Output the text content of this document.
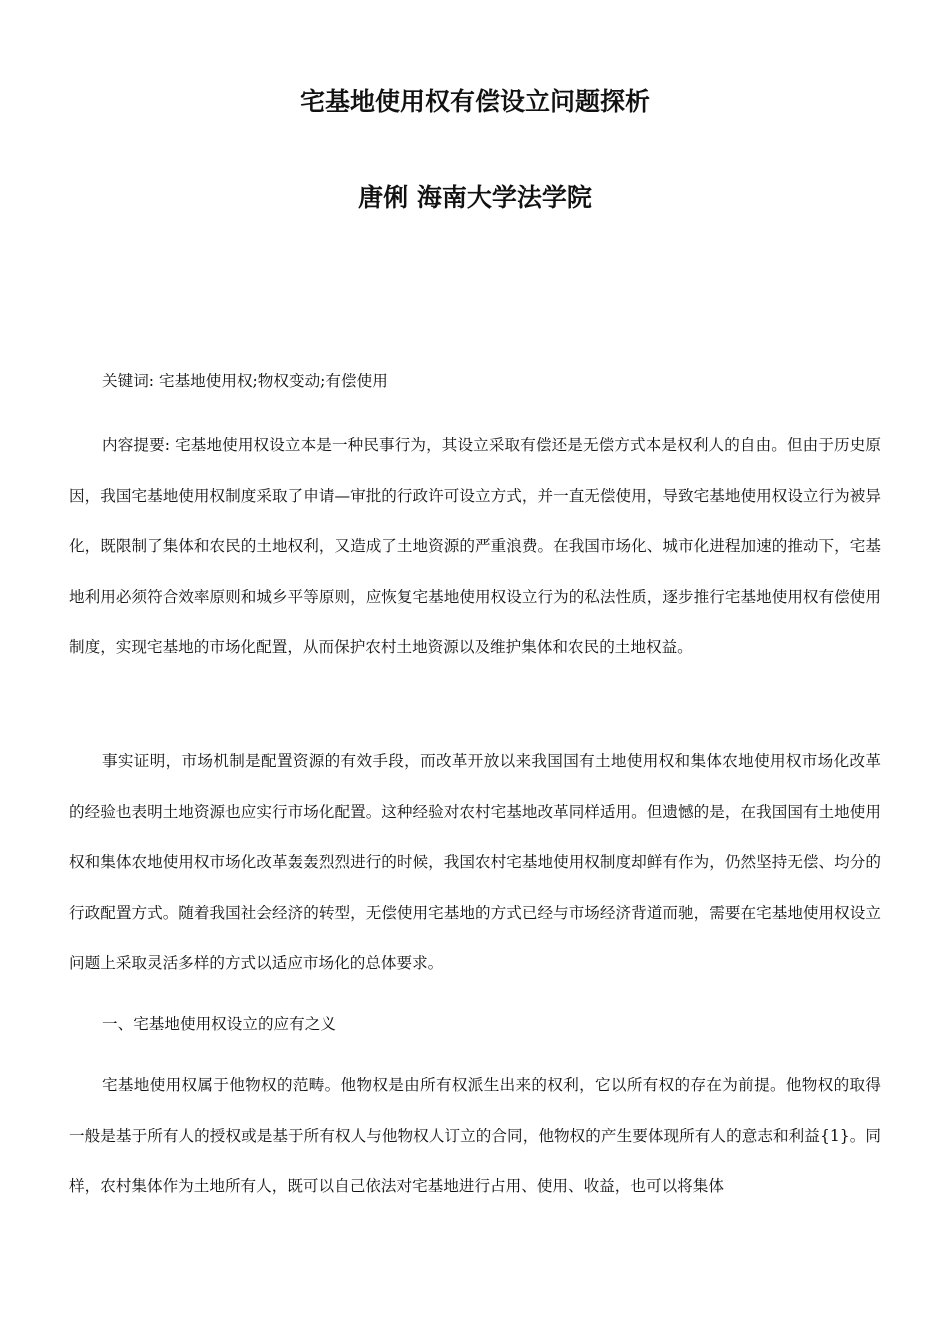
宅基地使用权有偿设立问题探析
唐俐 海南大学法学院

关键词: 宅基地使用权;物权变动;有偿使用

内容提要: 宅基地使用权设立本是一种民事行为，其设立采取有偿还是无偿方式本是权利人的自由。但由于历史原因，我国宅基地使用权制度采取了申请—审批的行政许可设立方式，并一直无偿使用，导致宅基地使用权设立行为被异化，既限制了集体和农民的土地权利，又造成了土地资源的严重浪费。在我国市场化、城市化进程加速的推动下，宅基地利用必须符合效率原则和城乡平等原则，应恢复宅基地使用权设立行为的私法性质，逐步推行宅基地使用权有偿使用制度，实现宅基地的市场化配置，从而保护农村土地资源以及维护集体和农民的土地权益。

事实证明，市场机制是配置资源的有效手段，而改革开放以来我国国有土地使用权和集体农地使用权市场化改革的经验也表明土地资源也应实行市场化配置。这种经验对农村宅基地改革同样适用。但遗憾的是，在我国国有土地使用权和集体农地使用权市场化改革轰轰烈烈进行的时候，我国农村宅基地使用权制度却鲜有作为，仍然坚持无偿、均分的行政配置方式。随着我国社会经济的转型，无偿使用宅基地的方式已经与市场经济背道而驰，需要在宅基地使用权设立问题上采取灵活多样的方式以适应市场化的总体要求。

一、宅基地使用权设立的应有之义

宅基地使用权属于他物权的范畴。他物权是由所有权派生出来的权利，它以所有权的存在为前提。他物权的取得一般是基于所有人的授权或是基于所有权人与他物权人订立的合同，他物权的产生要体现所有人的意志和利益{1}。同样，农村集体作为土地所有人，既可以自己依法对宅基地进行占用、使用、收益，也可以将集体
